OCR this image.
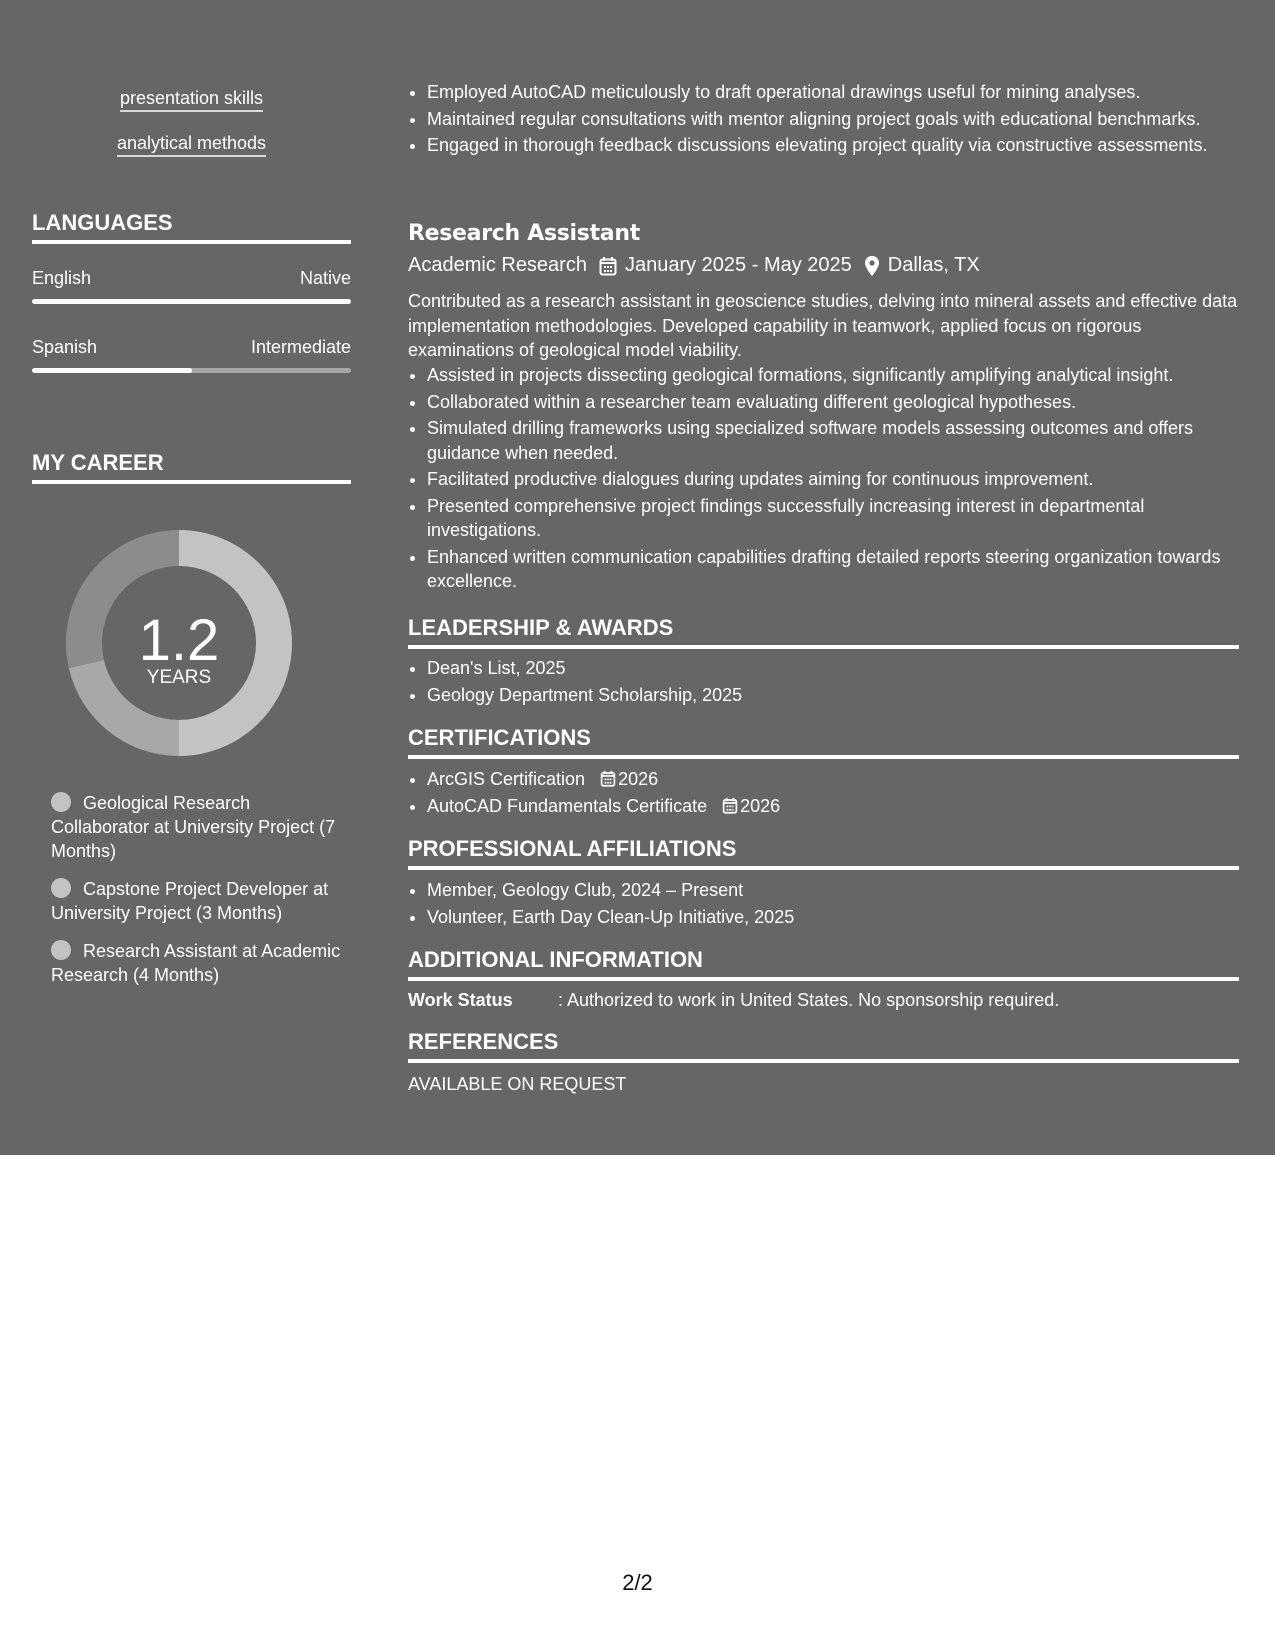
presentation skills
analytical methods
LANGUAGES
English	Native
Spanish	Intermediate
MY CAREER
1.2
YEARS
Geological Research Collaborator at University Project (7 Months)
Capstone Project Developer at University Project (3 Months)
Research Assistant at Academic Research (4 Months)
• Employed AutoCAD meticulously to draft operational drawings useful for mining analyses.
• Maintained regular consultations with mentor aligning project goals with educational benchmarks.
• Engaged in thorough feedback discussions elevating project quality via constructive assessments.
Research Assistant
Academic Research January 2025 - May 2025 Dallas, TX
Contributed as a research assistant in geoscience studies, delving into mineral assets and effective data implementation methodologies. Developed capability in teamwork, applied focus on rigorous examinations of geological model viability.
• Assisted in projects dissecting geological formations, significantly amplifying analytical insight.
• Collaborated within a researcher team evaluating different geological hypotheses.
• Simulated drilling frameworks using specialized software models assessing outcomes and offers guidance when needed.
• Facilitated productive dialogues during updates aiming for continuous improvement.
• Presented comprehensive project findings successfully increasing interest in departmental investigations.
• Enhanced written communication capabilities drafting detailed reports steering organization towards excellence.
LEADERSHIP & AWARDS
• Dean's List, 2025
• Geology Department Scholarship, 2025
CERTIFICATIONS
• ArcGIS Certification 2026
• AutoCAD Fundamentals Certificate 2026
PROFESSIONAL AFFILIATIONS
• Member, Geology Club, 2024 – Present
• Volunteer, Earth Day Clean-Up Initiative, 2025
ADDITIONAL INFORMATION
Work Status	: Authorized to work in United States. No sponsorship required.
REFERENCES
AVAILABLE ON REQUEST
2/2
